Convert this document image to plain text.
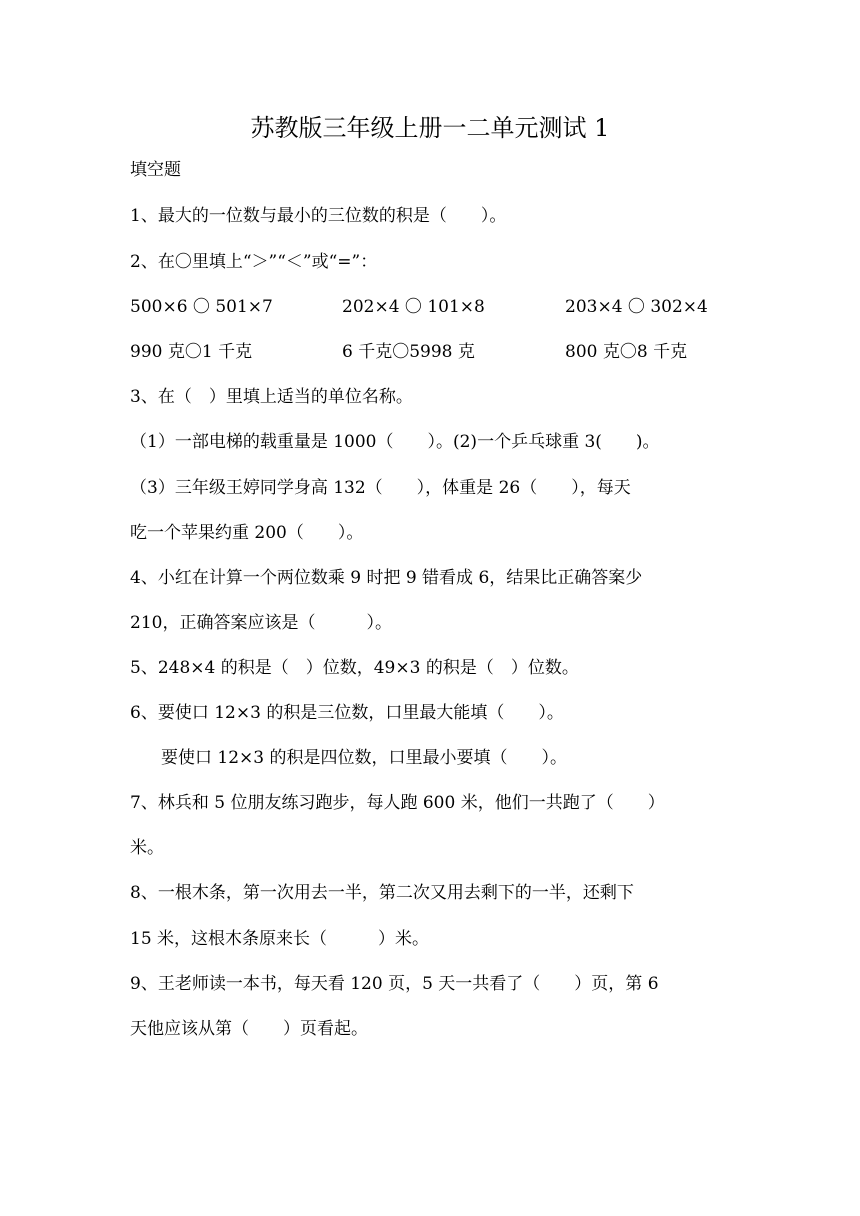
苏教版三年级上册一二单元测试 1
填空题
1、最大的一位数与最小的三位数的积是（　　）。
2、在〇里填上“＞”“＜”或“=”：
500×6 〇 501×7	202×4 〇 101×8	203×4 〇 302×4
990 克〇1 千克	6 千克〇5998 克	800 克〇8 千克
3、在（　）里填上适当的单位名称。
（1）一部电梯的载重量是 1000（　　）。(2)一个乒乓球重 3(　　)。
（3）三年级王婷同学身高 132（　　），体重是 26（　　），每天
吃一个苹果约重 200（　　）。
4、小红在计算一个两位数乘 9 时把 9 错看成 6，结果比正确答案少
210，正确答案应该是（　　　）。
5、248×4 的积是（　）位数，49×3 的积是（　）位数。
6、要使口 12×3 的积是三位数，口里最大能填（　　）。
要使口 12×3 的积是四位数，口里最小要填（　　）。
7、林兵和 5 位朋友练习跑步，每人跑 600 米，他们一共跑了（　　）
米。
8、一根木条，第一次用去一半，第二次又用去剩下的一半，还剩下
15 米，这根木条原来长（　　　）米。
9、王老师读一本书，每天看 120 页，5 天一共看了（　　）页，第 6
天他应该从第（　　）页看起。
